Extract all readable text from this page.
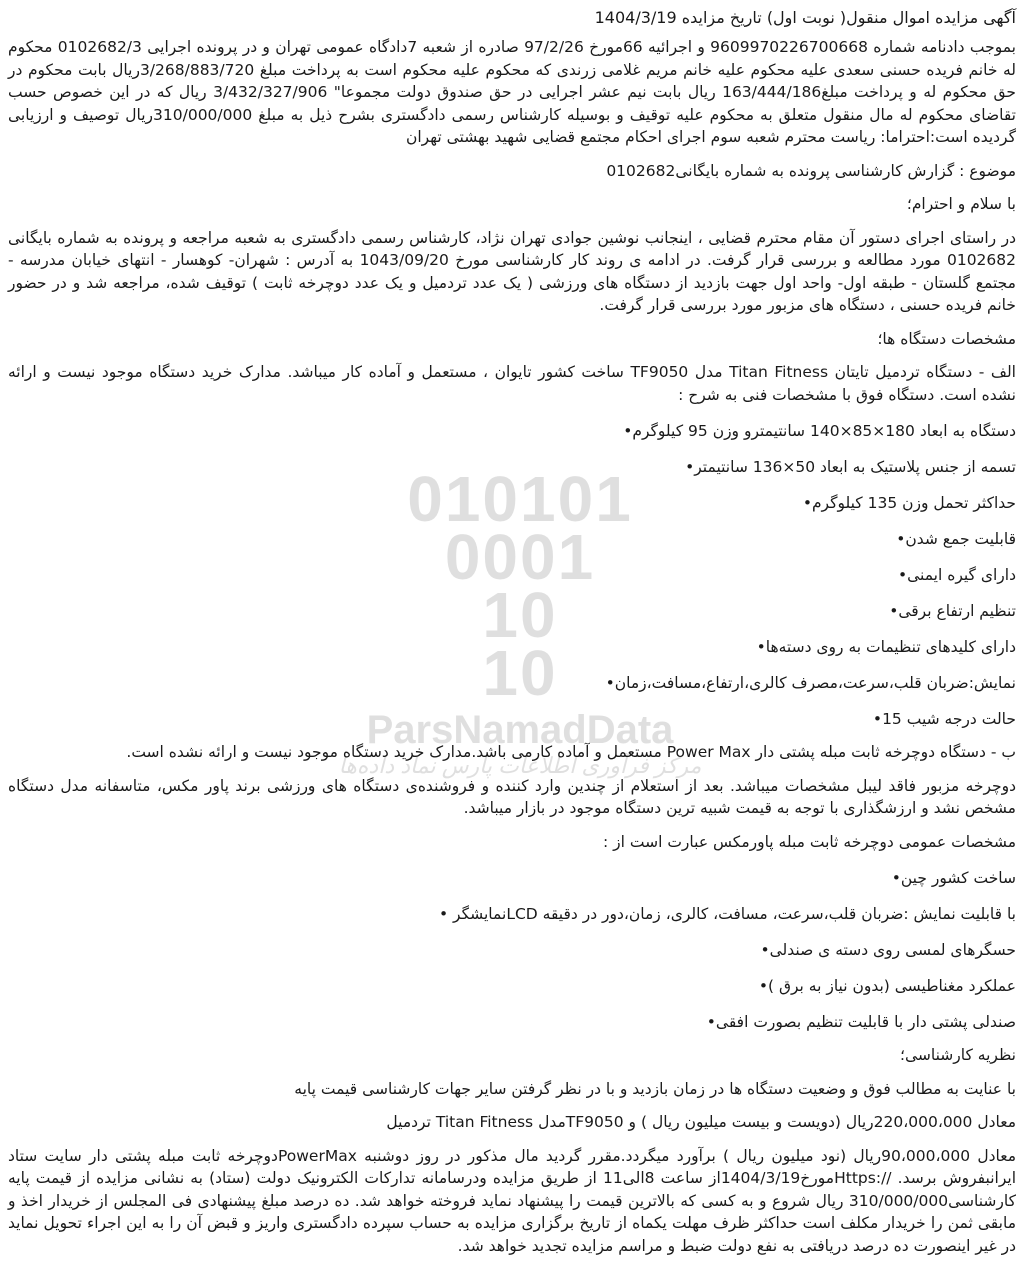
010101
0001
10
10
ParsNamadData
مرکز فرآوری اطلاعات پارس نماد داده‌ها
آگهی مزایده اموال منقول( نوبت اول) تاریخ مزایده 1404/3/19
بموجب دادنامه شماره 9609970226700668 و اجرائیه 66مورخ 97/2/26 صادره از شعبه 7دادگاه عمومی تهران و در پرونده اجرایی 0102682/3 محکوم له خانم فریده حسنی سعدی علیه محکوم علیه خانم مریم غلامی زرندی که محکوم علیه محکوم است به پرداخت مبلغ 3/268/883/720ریال بابت محکوم در حق محکوم له و پرداخت مبلغ163/444/186 ریال بابت نیم عشر اجرایی در حق صندوق دولت مجموعا" 3/432/327/906 ریال که در این خصوص حسب تقاضای محکوم له مال منقول متعلق به محکوم علیه توقیف و بوسیله کارشناس رسمی دادگستری بشرح ذیل به مبلغ 310/000/000ریال توصیف و ارزیابی گردیده است:احتراما: ریاست محترم شعبه سوم اجرای احکام مجتمع قضایی شهید بهشتی تهران
موضوع : گزارش کارشناسی پرونده به شماره بایگانی0102682
با سلام و احترام؛
در راستای اجرای دستور آن مقام محترم قضایی ، اینجانب نوشین جوادی تهران نژاد، کارشناس رسمی دادگستری به شعبه مراجعه و پرونده به شماره بایگانی 0102682 مورد مطالعه و بررسی قرار گرفت. در ادامه ی روند کار کارشناسی مورخ 1043/09/20 به آدرس : شهران- کوهسار - انتهای خیابان مدرسه - مجتمع گلستان - طبقه اول- واحد اول جهت بازدید از دستگاه های ورزشی ( یک عدد تردمیل و یک عدد دوچرخه ثابت ) توقیف شده، مراجعه شد و در حضور خانم فریده حسنی ، دستگاه های مزبور مورد بررسی قرار گرفت.
مشخصات دستگاه ها؛
الف - دستگاه تردمیل تایتان Titan Fitness مدل TF9050 ساخت کشور تایوان ، مستعمل و آماده کار میباشد. مدارک خرید دستگاه موجود نیست و ارائه نشده است. دستگاه فوق با مشخصات فنی به شرح :
دستگاه به ابعاد 180×85×140 سانتیمترو وزن 95 کیلوگرم•
تسمه از جنس پلاستیک به ابعاد 50×136 سانتیمتر•
حداکثر تحمل وزن 135 کیلوگرم•
قابلیت جمع شدن•
دارای گیره ایمنی•
تنظیم ارتفاع برقی•
دارای کلیدهای تنظیمات به روی دسته‌ها•
نمایش:ضربان قلب،سرعت،مصرف کالری،ارتفاع،مسافت،زمان•
حالت درجه شیب 15•
ب - دستگاه دوچرخه ثابت مبله پشتی دار Power Max مستعمل و آماده کارمی باشد.مدارک خرید دستگاه موجود نیست و ارائه نشده است.
دوچرخه مزبور فاقد لیبل مشخصات میباشد. بعد از استعلام از چندین وارد کننده و فروشنده‌ی دستگاه های ورزشی برند پاور مکس، متاسفانه مدل دستگاه مشخص نشد و ارزشگذاری با توجه به قیمت شبیه ترین دستگاه موجود در بازار میباشد.
مشخصات عمومی دوچرخه ثابت مبله پاورمکس عبارت است از :
ساخت کشور چین•
با قابلیت نمایش :ضربان قلب،سرعت، مسافت، کالری، زمان،دور در دقیقه LCDنمایشگر •
حسگرهای لمسی روی دسته ی صندلی•
عملکرد مغناطیسی (بدون نیاز به برق )•
صندلی پشتی دار با قابلیت تنظیم بصورت افقی•
نظریه کارشناسی؛
با عنایت به مطالب فوق و وضعیت دستگاه ها در زمان بازدید و با در نظر گرفتن سایر جهات کارشناسی قیمت پایه
معادل 220،000،000ریال (دویست و بیست میلیون ریال ) و TF9050مدل Titan Fitness تردمیل
معادل 90،000،000ریال (نود میلیون ریال ) برآورد میگردد.مقرر گردید مال مذکور در روز دوشنبه PowerMaxدوچرخه ثابت مبله پشتی دار سایت ستاد ایرانبفروش برسد. //:Httpsمورخ1404/3/19از ساعت 8الی11 از طریق مزایده ودرسامانه تدارکات الکترونیک دولت (ستاد) به نشانی مزایده از قیمت پایه کارشناسی310/000/000 ریال شروع و به کسی که بالاترین قیمت را پیشنهاد نماید فروخته خواهد شد. ده درصد مبلغ پیشنهادی فی المجلس از خریدار اخذ و مابقی ثمن را خریدار مکلف است حداکثر ظرف مهلت یکماه از تاریخ برگزاری مزایده به حساب سپرده دادگستری واریز و قبض آن را به این اجراء تحویل نماید در غیر اینصورت ده درصد دریافتی به نفع دولت ضبط و مراسم مزایده تجدید خواهد شد.
